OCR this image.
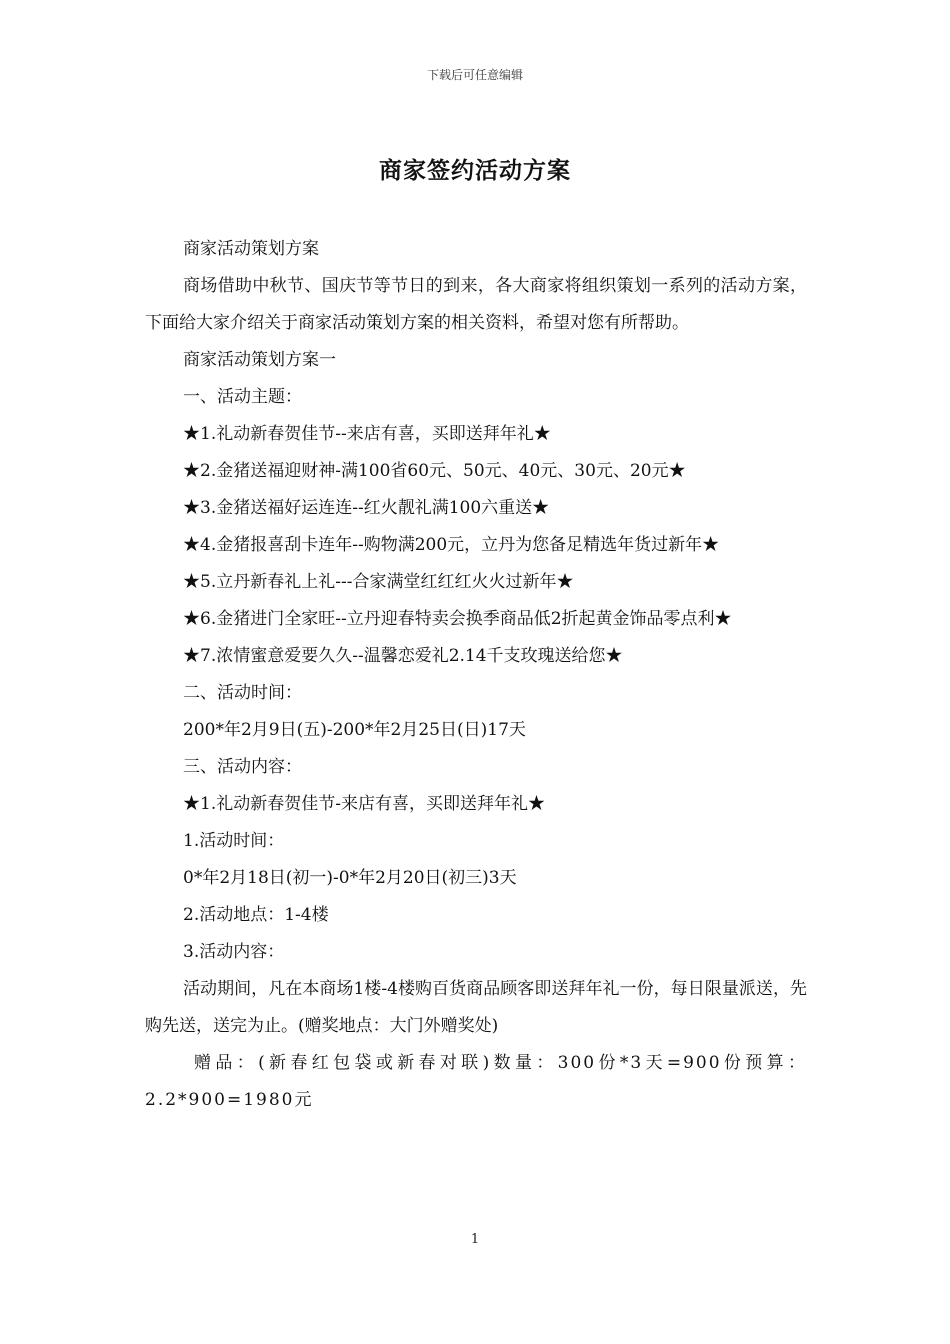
下载后可任意编辑
商家签约活动方案

商家活动策划方案

商场借助中秋节、国庆节等节日的到来，各大商家将组织策划一系列的活动方案，下面给大家介绍关于商家活动策划方案的相关资料，希望对您有所帮助。

商家活动策划方案一

一、活动主题：

★1.礼动新春贺佳节--来店有喜，买即送拜年礼★

★2.金猪送福迎财神-满100省60元、50元、40元、30元、20元★

★3.金猪送福好运连连--红火靓礼满100六重送★

★4.金猪报喜刮卡连年--购物满200元，立丹为您备足精选年货过新年★

★5.立丹新春礼上礼---合家满堂红红红火火过新年★

★6.金猪进门全家旺--立丹迎春特卖会换季商品低2折起黄金饰品零点利★

★7.浓情蜜意爱要久久--温馨恋爱礼2.14千支玫瑰送给您★

二、活动时间：

200*年2月9日(五)-200*年2月25日(日)17天

三、活动内容：

★1.礼动新春贺佳节-来店有喜，买即送拜年礼★

1.活动时间：

0*年2月18日(初一)-0*年2月20日(初三)3天

2.活动地点：1-4楼

3.活动内容：

活动期间，凡在本商场1楼-4楼购百货商品顾客即送拜年礼一份，每日限量派送，先购先送，送完为止。(赠奖地点：大门外赠奖处)

赠品：(新春红包袋或新春对联)数量：300份*3天=900份预算：2.2*900=1980元

1
